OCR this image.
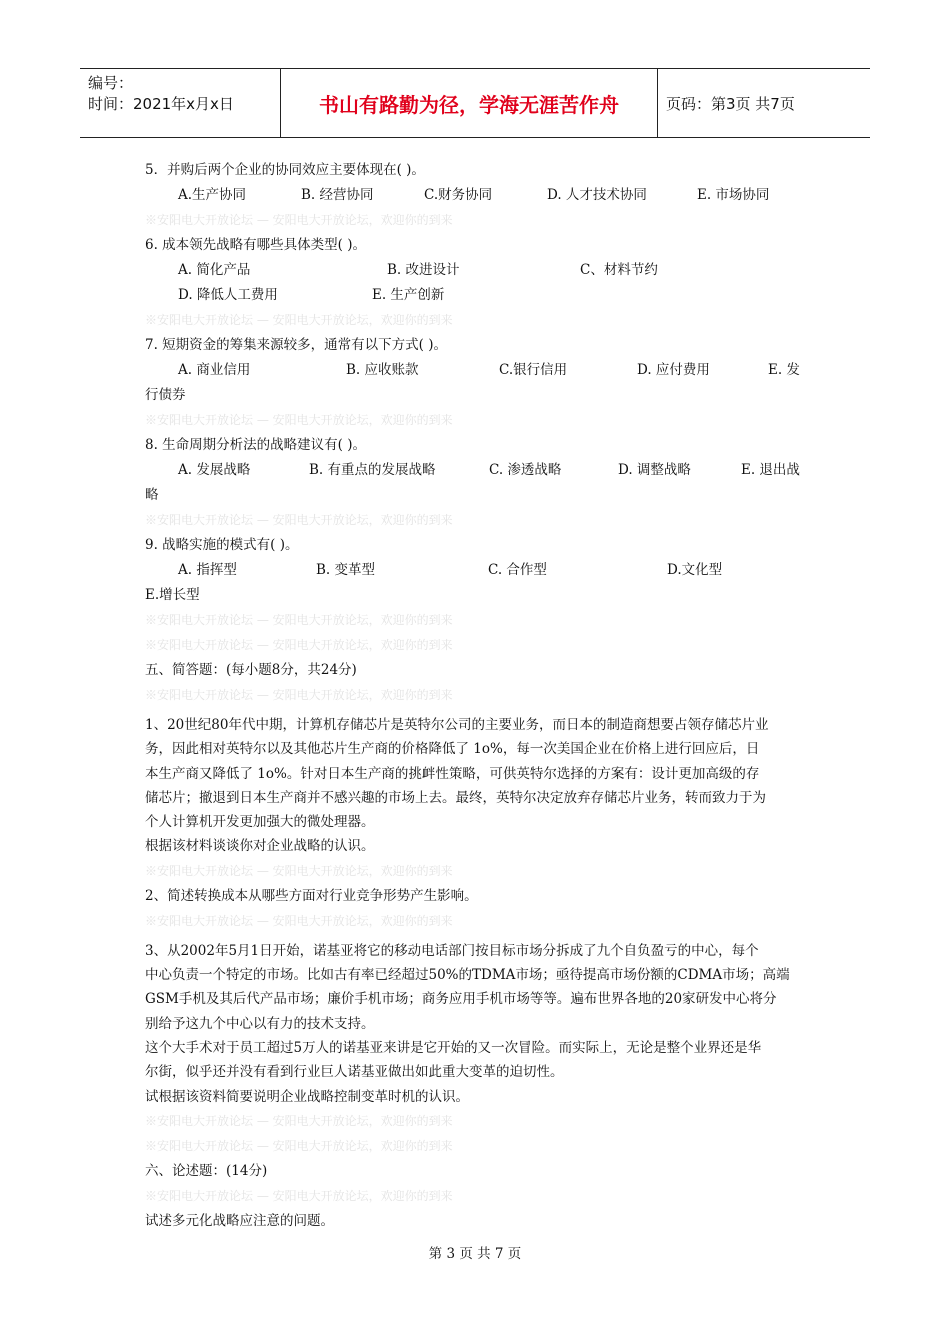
编号：
时间：2021年x月x日	书山有路勤为径，学海无涯苦作舟	页码：第3页 共7页
5．并购后两个企业的协同效应主要体现在( )。
A.生产协同	B. 经营协同	C.财务协同	D. 人才技术协同	E. 市场协同
※安阳电大开放论坛 — 安阳电大开放论坛，欢迎你的到来
6. 成本领先战略有哪些具体类型( )。
A. 简化产品	B. 改进设计	C、材料节约
D. 降低人工费用	E. 生产创新
※安阳电大开放论坛 — 安阳电大开放论坛，欢迎你的到来
7. 短期资金的筹集来源较多，通常有以下方式( )。
A. 商业信用	B. 应收账款	C.银行信用	D. 应付费用	E. 发
行债券
※安阳电大开放论坛 — 安阳电大开放论坛，欢迎你的到来
8. 生命周期分析法的战略建议有( )。
A. 发展战略	B. 有重点的发展战略	C. 渗透战略	D. 调整战略	E. 退出战
略
※安阳电大开放论坛 — 安阳电大开放论坛，欢迎你的到来
9. 战略实施的模式有( )。
A. 指挥型	B. 变革型	C. 合作型	D.文化型
E.增长型
※安阳电大开放论坛 — 安阳电大开放论坛，欢迎你的到来
※安阳电大开放论坛 — 安阳电大开放论坛，欢迎你的到来
五、简答题：(每小题8分，共24分)
※安阳电大开放论坛 — 安阳电大开放论坛，欢迎你的到来
1、20世纪80年代中期，计算机存储芯片是英特尔公司的主要业务，而日本的制造商想要占领存储芯片业
务，因此相对英特尔以及其他芯片生产商的价格降低了 1o%，每一次美国企业在价格上进行回应后，日
本生产商又降低了 1o%。针对日本生产商的挑衅性策略，可供英特尔选择的方案有：设计更加高级的存
储芯片；撤退到日本生产商并不感兴趣的市场上去。最终，英特尔决定放弃存储芯片业务，转而致力于为
个人计算机开发更加强大的微处理器。
根据该材料谈谈你对企业战略的认识。
※安阳电大开放论坛 — 安阳电大开放论坛，欢迎你的到来
2、简述转换成本从哪些方面对行业竞争形势产生影响。
※安阳电大开放论坛 — 安阳电大开放论坛，欢迎你的到来
3、从2002年5月1日开始，诺基亚将它的移动电话部门按目标市场分拆成了九个自负盈亏的中心，每个
中心负责一个特定的市场。比如古有率已经超过50%的TDMA市场；亟待提高市场份额的CDMA市场；高端
GSM手机及其后代产品市场；廉价手机市场；商务应用手机市场等等。遍布世界各地的20家研发中心将分
别给予这九个中心以有力的技术支持。
这个大手术对于员工超过5万人的诺基亚来讲是它开始的又一次冒险。而实际上，无论是整个业界还是华
尔街，似乎还并没有看到行业巨人诺基亚做出如此重大变革的迫切性。
试根据该资料简要说明企业战略控制变革时机的认识。
※安阳电大开放论坛 — 安阳电大开放论坛，欢迎你的到来
※安阳电大开放论坛 — 安阳电大开放论坛，欢迎你的到来
六、论述题：(14分)
※安阳电大开放论坛 — 安阳电大开放论坛，欢迎你的到来
试述多元化战略应注意的问题。
第 3 页 共 7 页
